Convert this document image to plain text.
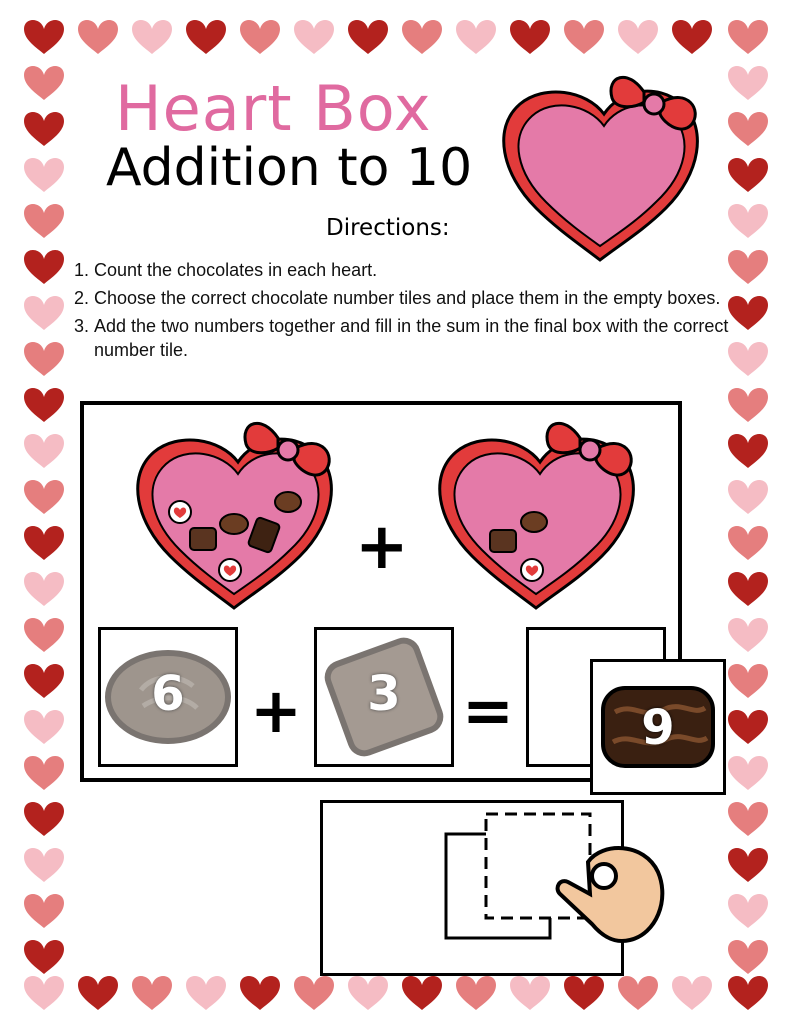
Heart Box
Addition to 10
Directions:
1. Count the chocolates in each heart.
2. Choose the correct chocolate number tiles and place them in the empty boxes.
3. Add the two numbers together and fill in the sum in the final box with the correct number tile.
+
6	+	3 =	9
